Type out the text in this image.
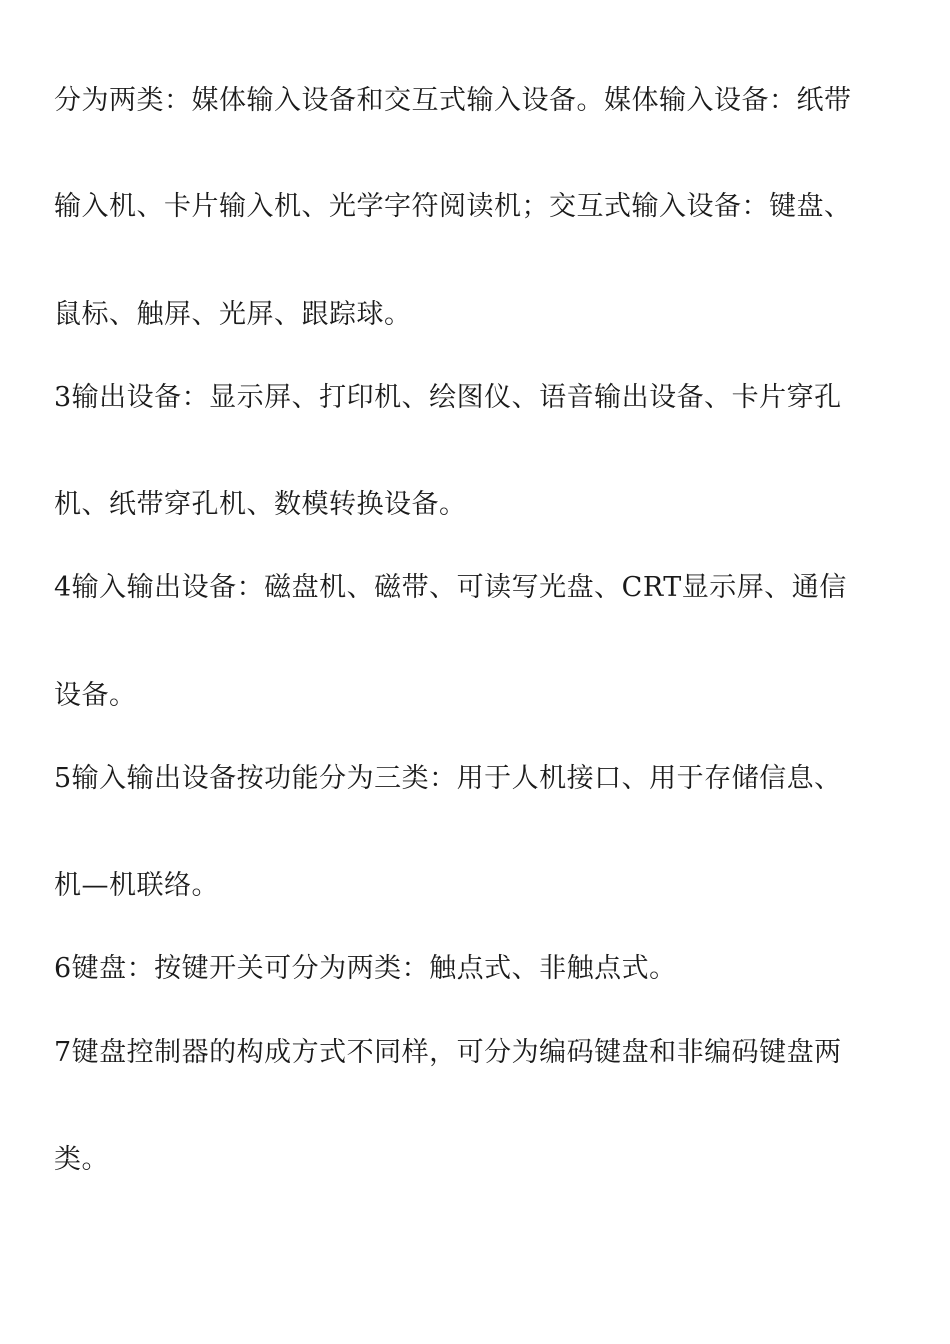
分为两类：媒体输入设备和交互式输入设备。媒体输入设备：纸带
输入机、卡片输入机、光学字符阅读机；交互式输入设备：键盘、
鼠标、触屏、光屏、跟踪球。
3输出设备：显示屏、打印机、绘图仪、语音输出设备、卡片穿孔
机、纸带穿孔机、数模转换设备。
4输入输出设备：磁盘机、磁带、可读写光盘、CRT显示屏、通信
设备。
5输入输出设备按功能分为三类：用于人机接口、用于存储信息、
机—机联络。
6键盘：按键开关可分为两类：触点式、非触点式。
7键盘控制器的构成方式不同样，可分为编码键盘和非编码键盘两
类。
